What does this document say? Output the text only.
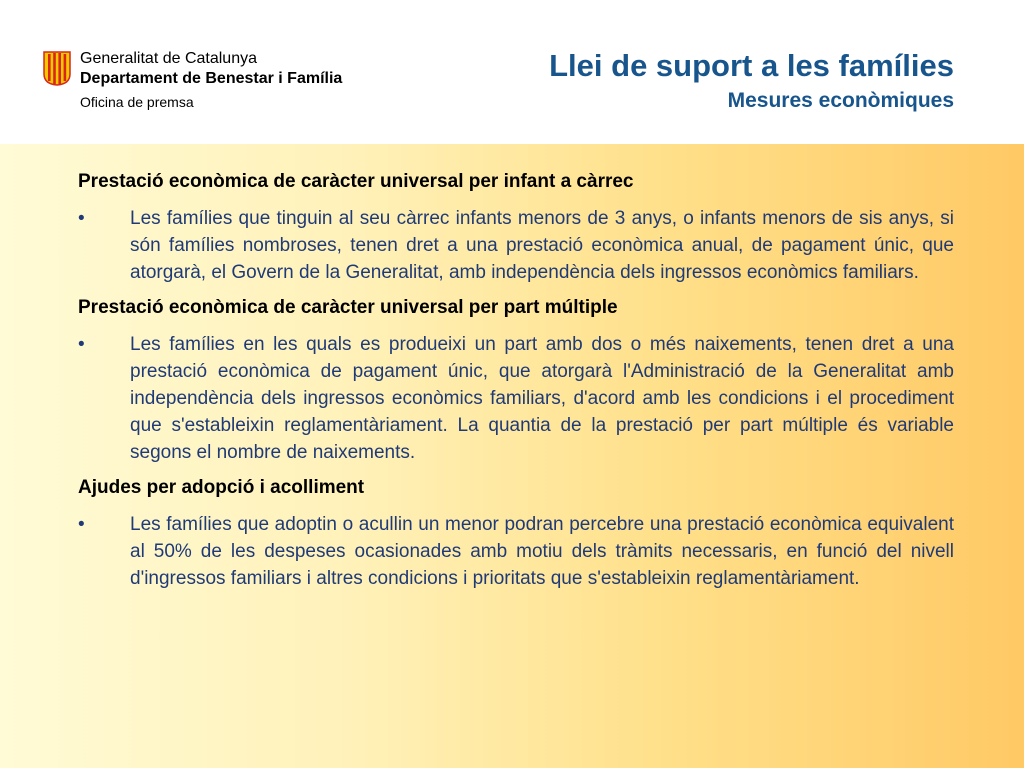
Generalitat de Catalunya
Departament de Benestar i Família
Oficina de premsa
Llei de suport a les famílies
Mesures econòmiques
Prestació econòmica de caràcter universal per infant a càrrec
•	Les famílies que tinguin al seu càrrec infants menors de 3 anys, o infants menors de sis anys, si són famílies nombroses, tenen dret a una prestació econòmica anual, de pagament únic, que atorgarà, el Govern de la Generalitat, amb independència dels ingressos econòmics familiars.
Prestació econòmica de caràcter universal per part múltiple
•	Les famílies en les quals es produeixi un part amb dos o més naixements, tenen dret a una prestació econòmica de pagament únic, que atorgarà l'Administració de la Generalitat amb independència dels ingressos econòmics familiars, d'acord amb les condicions i el procediment que s'estableixin reglamentàriament. La quantia de la prestació per part múltiple és variable segons el nombre de naixements.
Ajudes per adopció i acolliment
•	Les famílies que adoptin o acullin un menor podran percebre una prestació econòmica equivalent al 50% de les despeses ocasionades amb motiu dels tràmits necessaris, en funció del nivell d'ingressos familiars i altres condicions i prioritats que s'estableixin reglamentàriament.
